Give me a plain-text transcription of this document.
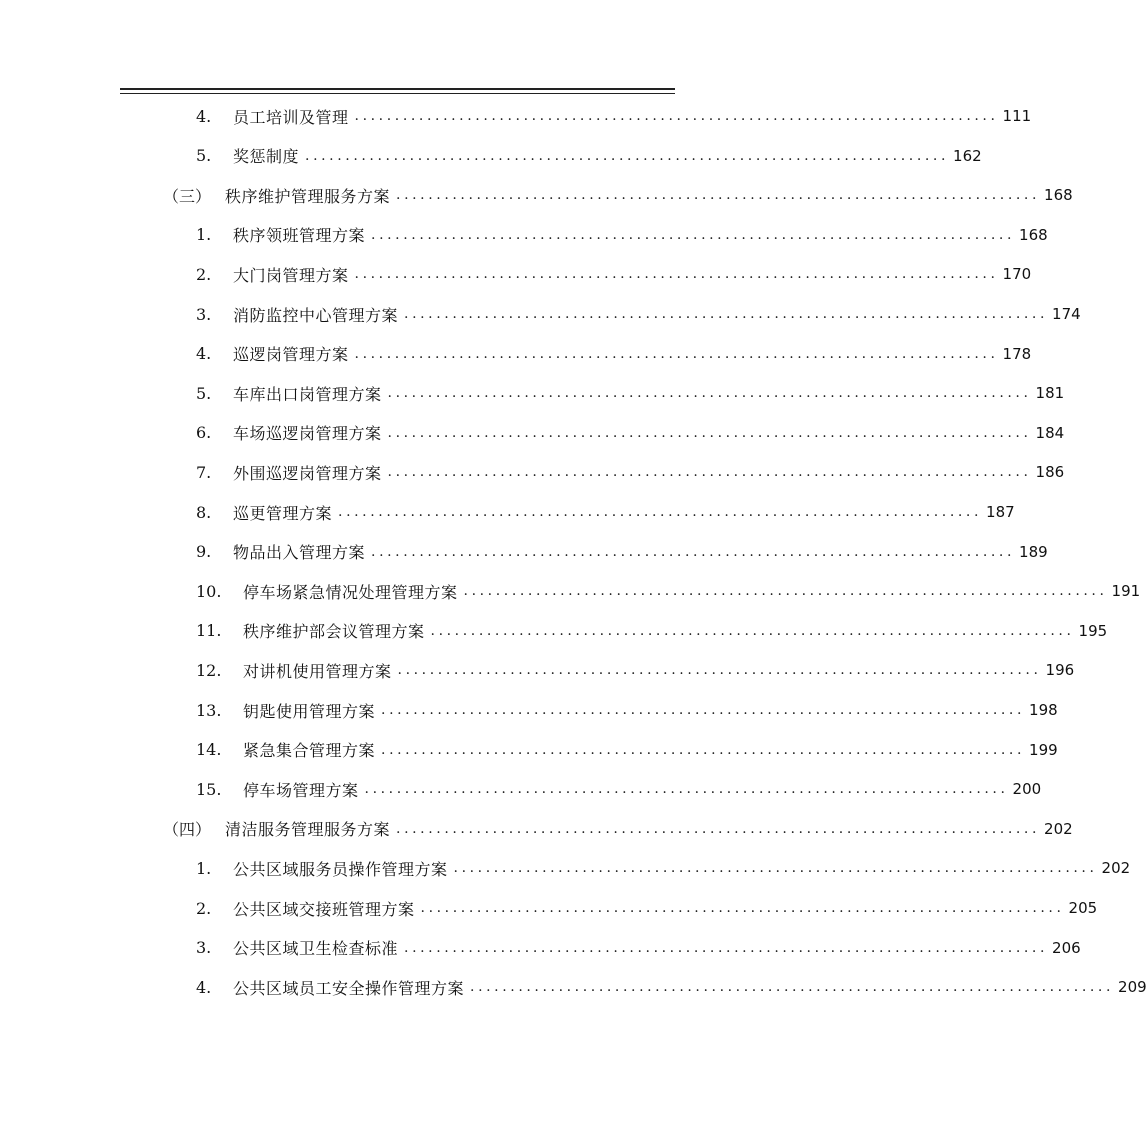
4.	员工培训及管理 ................................................................................ 111
5.	奖惩制度 ................................................................................ 162
（三） 秩序维护管理服务方案 ................................................................................ 168
1.	秩序领班管理方案 ................................................................................ 168
2.	大门岗管理方案 ................................................................................ 170
3.	消防监控中心管理方案 ................................................................................ 174
4.	巡逻岗管理方案 ................................................................................ 178
5.	车库出口岗管理方案 ................................................................................ 181
6.	车场巡逻岗管理方案 ................................................................................ 184
7.	外围巡逻岗管理方案 ................................................................................ 186
8.	巡更管理方案 ................................................................................ 187
9.	物品出入管理方案 ................................................................................ 189
10.	停车场紧急情况处理管理方案 ................................................................................ 191
11.	秩序维护部会议管理方案 ................................................................................ 195
12.	对讲机使用管理方案 ................................................................................ 196
13.	钥匙使用管理方案 ................................................................................ 198
14.	紧急集合管理方案 ................................................................................ 199
15.	停车场管理方案 ................................................................................ 200
（四） 清洁服务管理服务方案 ................................................................................ 202
1.	公共区域服务员操作管理方案 ................................................................................ 202
2.	公共区域交接班管理方案 ................................................................................ 205
3.	公共区域卫生检查标准 ................................................................................ 206
4.	公共区域员工安全操作管理方案 ................................................................................ 209
